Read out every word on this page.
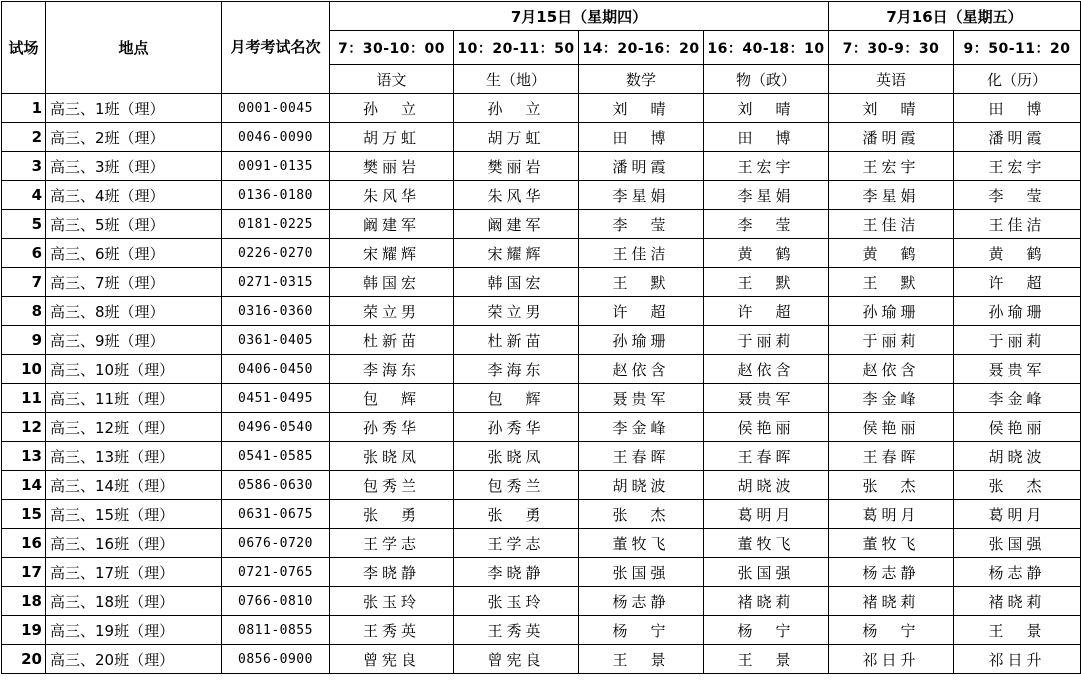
试场	地点	月考考试名次	7月15日（星期四）				7月16日（星期五）	
			7：30-10：00	10：20-11：50	14：20-16：20	16：40-18：10	7：30-9：30	9：50-11：20
			语文	生（地）	数学	物（政）	英语	化（历）
1	高三、1班（理）	0001-0045	孙　立	孙　立	刘　晴	刘　晴	刘　晴	田　博
2	高三、2班（理）	0046-0090	胡万虹	胡万虹	田　博	田　博	潘明霞	潘明霞
3	高三、3班（理）	0091-0135	樊丽岩	樊丽岩	潘明霞	王宏宇	王宏宇	王宏宇
4	高三、4班（理）	0136-0180	朱风华	朱风华	李星娟	李星娟	李星娟	李　莹
5	高三、5班（理）	0181-0225	阚建军	阚建军	李　莹	李　莹	王佳洁	王佳洁
6	高三、6班（理）	0226-0270	宋耀辉	宋耀辉	王佳洁	黄　鹤	黄　鹤	黄　鹤
7	高三、7班（理）	0271-0315	韩国宏	韩国宏	王　默	王　默	王　默	许　超
8	高三、8班（理）	0316-0360	荣立男	荣立男	许　超	许　超	孙瑜珊	孙瑜珊
9	高三、9班（理）	0361-0405	杜新苗	杜新苗	孙瑜珊	于丽莉	于丽莉	于丽莉
10	高三、10班（理）	0406-0450	李海东	李海东	赵依含	赵依含	赵依含	聂贵军
11	高三、11班（理）	0451-0495	包　辉	包　辉	聂贵军	聂贵军	李金峰	李金峰
12	高三、12班（理）	0496-0540	孙秀华	孙秀华	李金峰	侯艳丽	侯艳丽	侯艳丽
13	高三、13班（理）	0541-0585	张晓凤	张晓凤	王春晖	王春晖	王春晖	胡晓波
14	高三、14班（理）	0586-0630	包秀兰	包秀兰	胡晓波	胡晓波	张　杰	张　杰
15	高三、15班（理）	0631-0675	张　勇	张　勇	张　杰	葛明月	葛明月	葛明月
16	高三、16班（理）	0676-0720	王学志	王学志	董牧飞	董牧飞	董牧飞	张国强
17	高三、17班（理）	0721-0765	李晓静	李晓静	张国强	张国强	杨志静	杨志静
18	高三、18班（理）	0766-0810	张玉玲	张玉玲	杨志静	褚晓莉	褚晓莉	褚晓莉
19	高三、19班（理）	0811-0855	王秀英	王秀英	杨　宁	杨　宁	杨　宁	王　景
20	高三、20班（理）	0856-0900	曾宪良	曾宪良	王　景	王　景	祁日升	祁日升
